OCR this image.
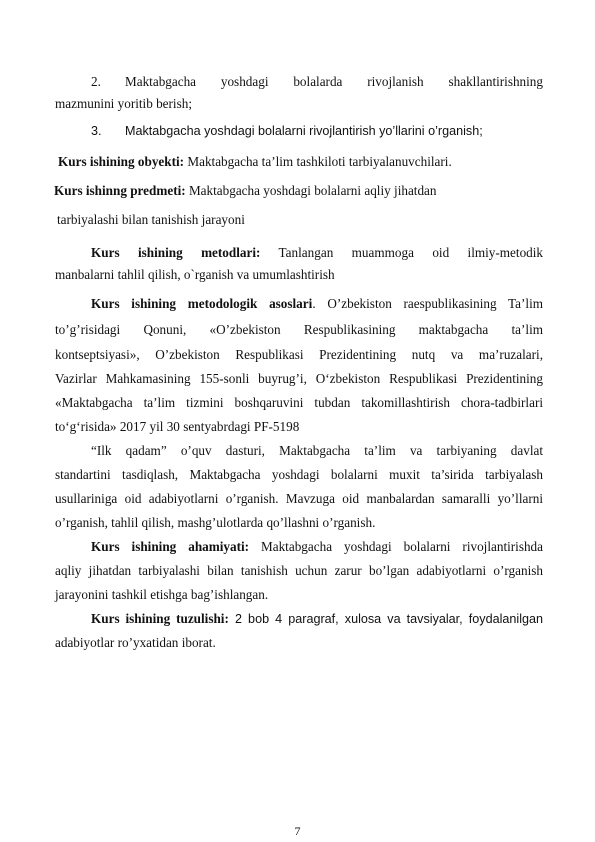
2. Maktabgacha yoshdagi bolalarda rivojlanish shakllantirishning
mazmunini yoritib berish;
3. Maktabgacha yoshdagi bolalarni rivojlantirish yo’llarini o’rganish;
Kurs ishining obyekti: Maktabgacha ta’lim tashkiloti tarbiyalanuvchilari.
Kurs ishinng predmeti: Maktabgacha yoshdagi bolalarni aqliy jihatdan
tarbiyalashi bilan tanishish jarayoni
Kurs ishining metodlari: Tanlangan muammoga oid ilmiy-metodik
manbalarni tahlil qilish, o`rganish va umumlashtirish
Kurs ishining metodologik asoslari. O’zbekiston raespublikasining Ta’lim
to’g’risidagi Qonuni, «O’zbekiston Respublikasining maktabgacha ta’lim
kontseptsiyasi», O’zbekiston Respublikasi Prezidentining nutq va ma’ruzalari,
Vazirlar Mahkamasining 155-sonli buyrug’i, O‘zbekiston Respublikasi Prezidentining
«Maktabgacha ta’lim tizmini boshqaruvini tubdan takomillashtirish chora-tadbirlari
to‘g‘risida» 2017 yil 30 sentyabrdagi PF-5198
“Ilk qadam” o’quv dasturi, Maktabgacha ta’lim va tarbiyaning davlat
standartini tasdiqlash, Maktabgacha yoshdagi bolalarni muxit ta’sirida tarbiyalash
usullariniga oid adabiyotlarni o’rganish. Mavzuga oid manbalardan samaralli yo’llarni
o’rganish, tahlil qilish, mashg’ulotlarda qo’llashni o’rganish.
Kurs ishining ahamiyati: Maktabgacha yoshdagi bolalarni rivojlantirishda
aqliy jihatdan tarbiyalashi bilan tanishish uchun zarur bo’lgan adabiyotlarni o’rganish
jarayonini tashkil etishga bag’ishlangan.
Kurs ishining tuzulishi: 2 bob 4 paragraf, xulosa va tavsiyalar, foydalanilgan
adabiyotlar ro’yxatidan iborat.
7
